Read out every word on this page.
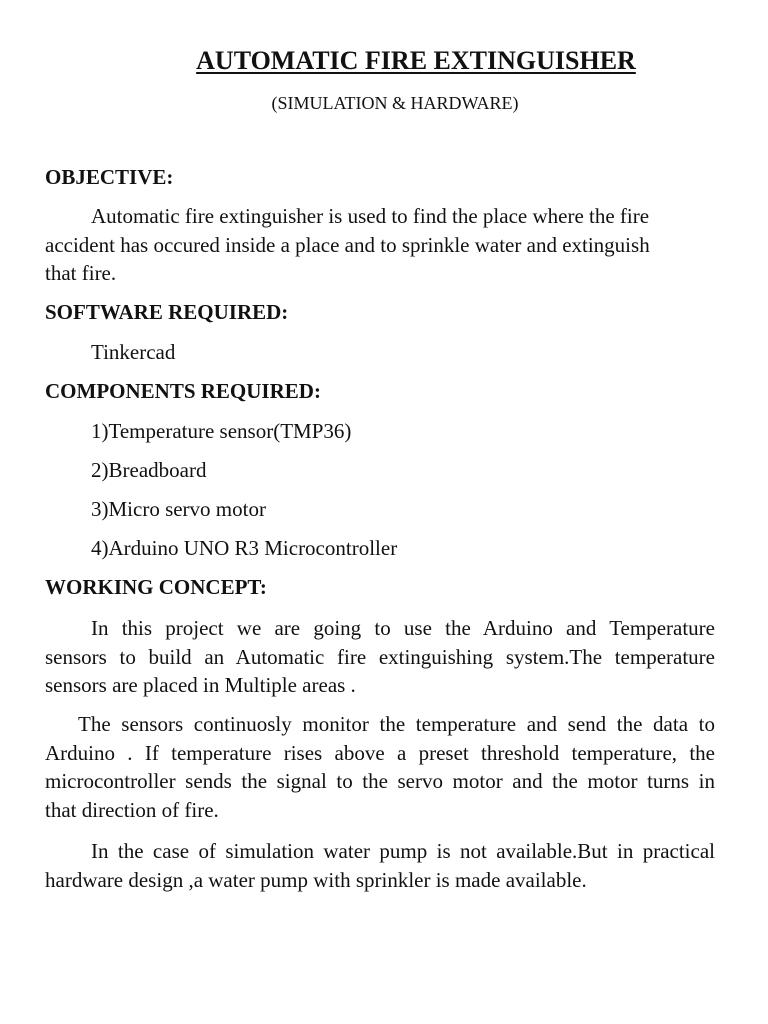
AUTOMATIC FIRE EXTINGUISHER

(SIMULATION & HARDWARE)

OBJECTIVE:
Automatic fire extinguisher is used to find the place where the fire
accident has occured inside a place and to sprinkle water and extinguish
that fire.
SOFTWARE REQUIRED:

Tinkercad

COMPONENTS REQUIRED:

1)Temperature sensor(TMP36)

2)Breadboard

3)Micro servo motor

4)Arduino UNO R3 Microcontroller

WORKING CONCEPT:
In this project we are going to use the Arduino and Temperature
sensors to build an Automatic fire extinguishing system.The temperature
sensors are placed in Multiple areas .
The sensors continuosly monitor the temperature and send the data to
Arduino . If temperature rises above a preset threshold temperature, the
microcontroller sends the signal to the servo motor and the motor turns in
that direction of fire.
In the case of simulation water pump is not available.But in practical
hardware design ,a water pump with sprinkler is made available.
